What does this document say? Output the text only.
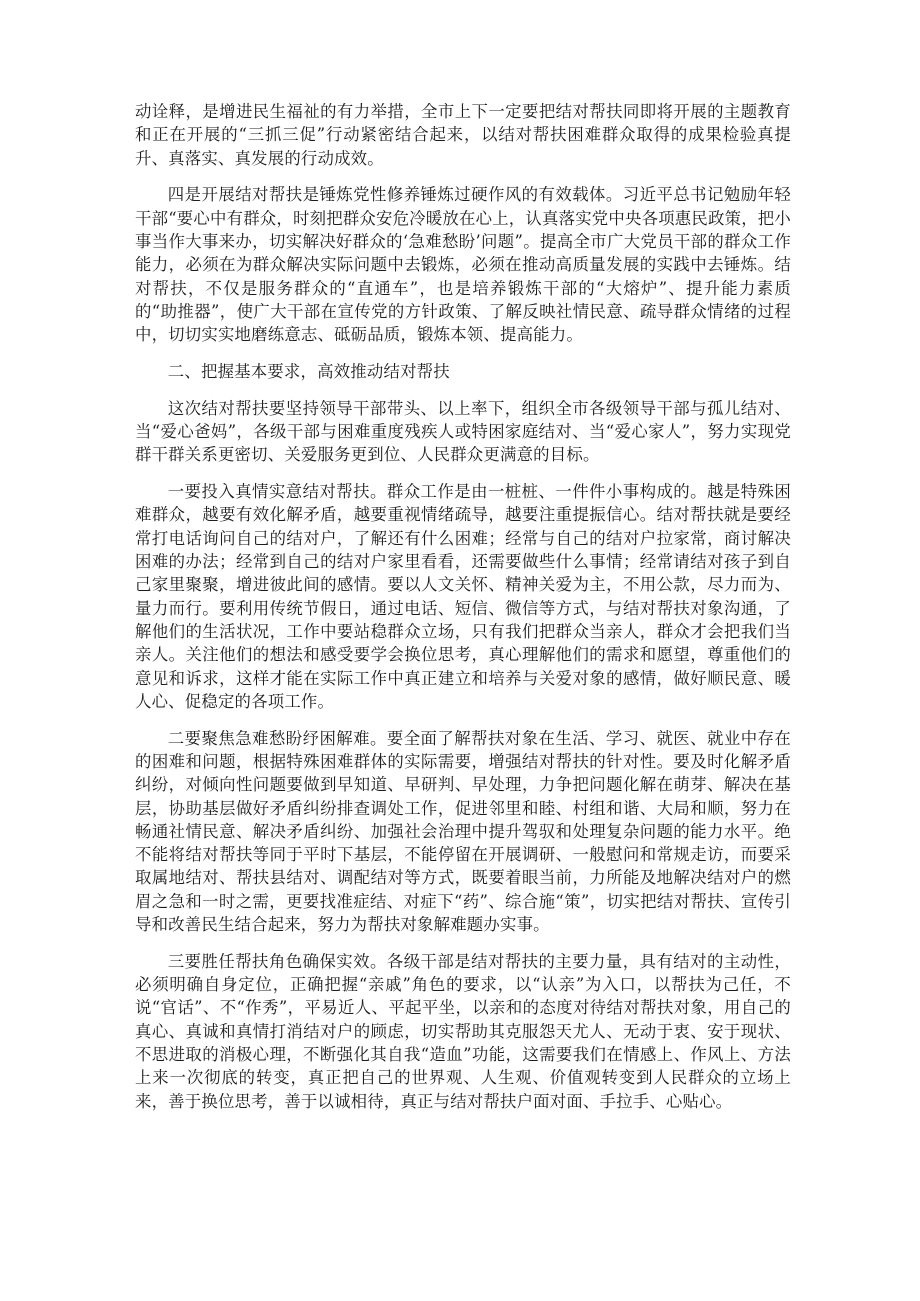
动诠释，是增进民生福祉的有力举措，全市上下一定要把结对帮扶同即将开展的主题教育和正在开展的“三抓三促”行动紧密结合起来，以结对帮扶困难群众取得的成果检验真提升、真落实、真发展的行动成效。

四是开展结对帮扶是锤炼党性修养锤炼过硬作风的有效载体。习近平总书记勉励年轻干部“要心中有群众，时刻把群众安危冷暖放在心上，认真落实党中央各项惠民政策，把小事当作大事来办，切实解决好群众的‘急难愁盼’问题”。提高全市广大党员干部的群众工作能力，必须在为群众解决实际问题中去锻炼，必须在推动高质量发展的实践中去锤炼。结对帮扶，不仅是服务群众的“直通车”，也是培养锻炼干部的“大熔炉”、提升能力素质的“助推器”，使广大干部在宣传党的方针政策、了解反映社情民意、疏导群众情绪的过程中，切切实实地磨练意志、砥砺品质，锻炼本领、提高能力。

二、把握基本要求，高效推动结对帮扶

这次结对帮扶要坚持领导干部带头、以上率下，组织全市各级领导干部与孤儿结对、当“爱心爸妈”，各级干部与困难重度残疾人或特困家庭结对、当“爱心家人”，努力实现党群干群关系更密切、关爱服务更到位、人民群众更满意的目标。

一要投入真情实意结对帮扶。群众工作是由一桩桩、一件件小事构成的。越是特殊困难群众，越要有效化解矛盾，越要重视情绪疏导，越要注重提振信心。结对帮扶就是要经常打电话询问自己的结对户，了解还有什么困难；经常与自己的结对户拉家常，商讨解决困难的办法；经常到自己的结对户家里看看，还需要做些什么事情；经常请结对孩子到自己家里聚聚，增进彼此间的感情。要以人文关怀、精神关爱为主，不用公款，尽力而为、量力而行。要利用传统节假日，通过电话、短信、微信等方式，与结对帮扶对象沟通，了解他们的生活状况，工作中要站稳群众立场，只有我们把群众当亲人，群众才会把我们当亲人。关注他们的想法和感受要学会换位思考，真心理解他们的需求和愿望，尊重他们的意见和诉求，这样才能在实际工作中真正建立和培养与关爱对象的感情，做好顺民意、暖人心、促稳定的各项工作。

二要聚焦急难愁盼纾困解难。要全面了解帮扶对象在生活、学习、就医、就业中存在的困难和问题，根据特殊困难群体的实际需要，增强结对帮扶的针对性。要及时化解矛盾纠纷，对倾向性问题要做到早知道、早研判、早处理，力争把问题化解在萌芽、解决在基层，协助基层做好矛盾纠纷排查调处工作，促进邻里和睦、村组和谐、大局和顺，努力在畅通社情民意、解决矛盾纠纷、加强社会治理中提升驾驭和处理复杂问题的能力水平。绝不能将结对帮扶等同于平时下基层，不能停留在开展调研、一般慰问和常规走访，而要采取属地结对、帮扶县结对、调配结对等方式，既要着眼当前，力所能及地解决结对户的燃眉之急和一时之需，更要找准症结、对症下“药”、综合施“策”，切实把结对帮扶、宣传引导和改善民生结合起来，努力为帮扶对象解难题办实事。

三要胜任帮扶角色确保实效。各级干部是结对帮扶的主要力量，具有结对的主动性，必须明确自身定位，正确把握“亲戚”角色的要求，以“认亲”为入口，以帮扶为己任，不说“官话”、不“作秀”，平易近人、平起平坐，以亲和的态度对待结对帮扶对象，用自己的真心、真诚和真情打消结对户的顾虑，切实帮助其克服怨天尤人、无动于衷、安于现状、不思进取的消极心理，不断强化其自我“造血”功能，这需要我们在情感上、作风上、方法上来一次彻底的转变，真正把自己的世界观、人生观、价值观转变到人民群众的立场上来，善于换位思考，善于以诚相待，真正与结对帮扶户面对面、手拉手、心贴心。
